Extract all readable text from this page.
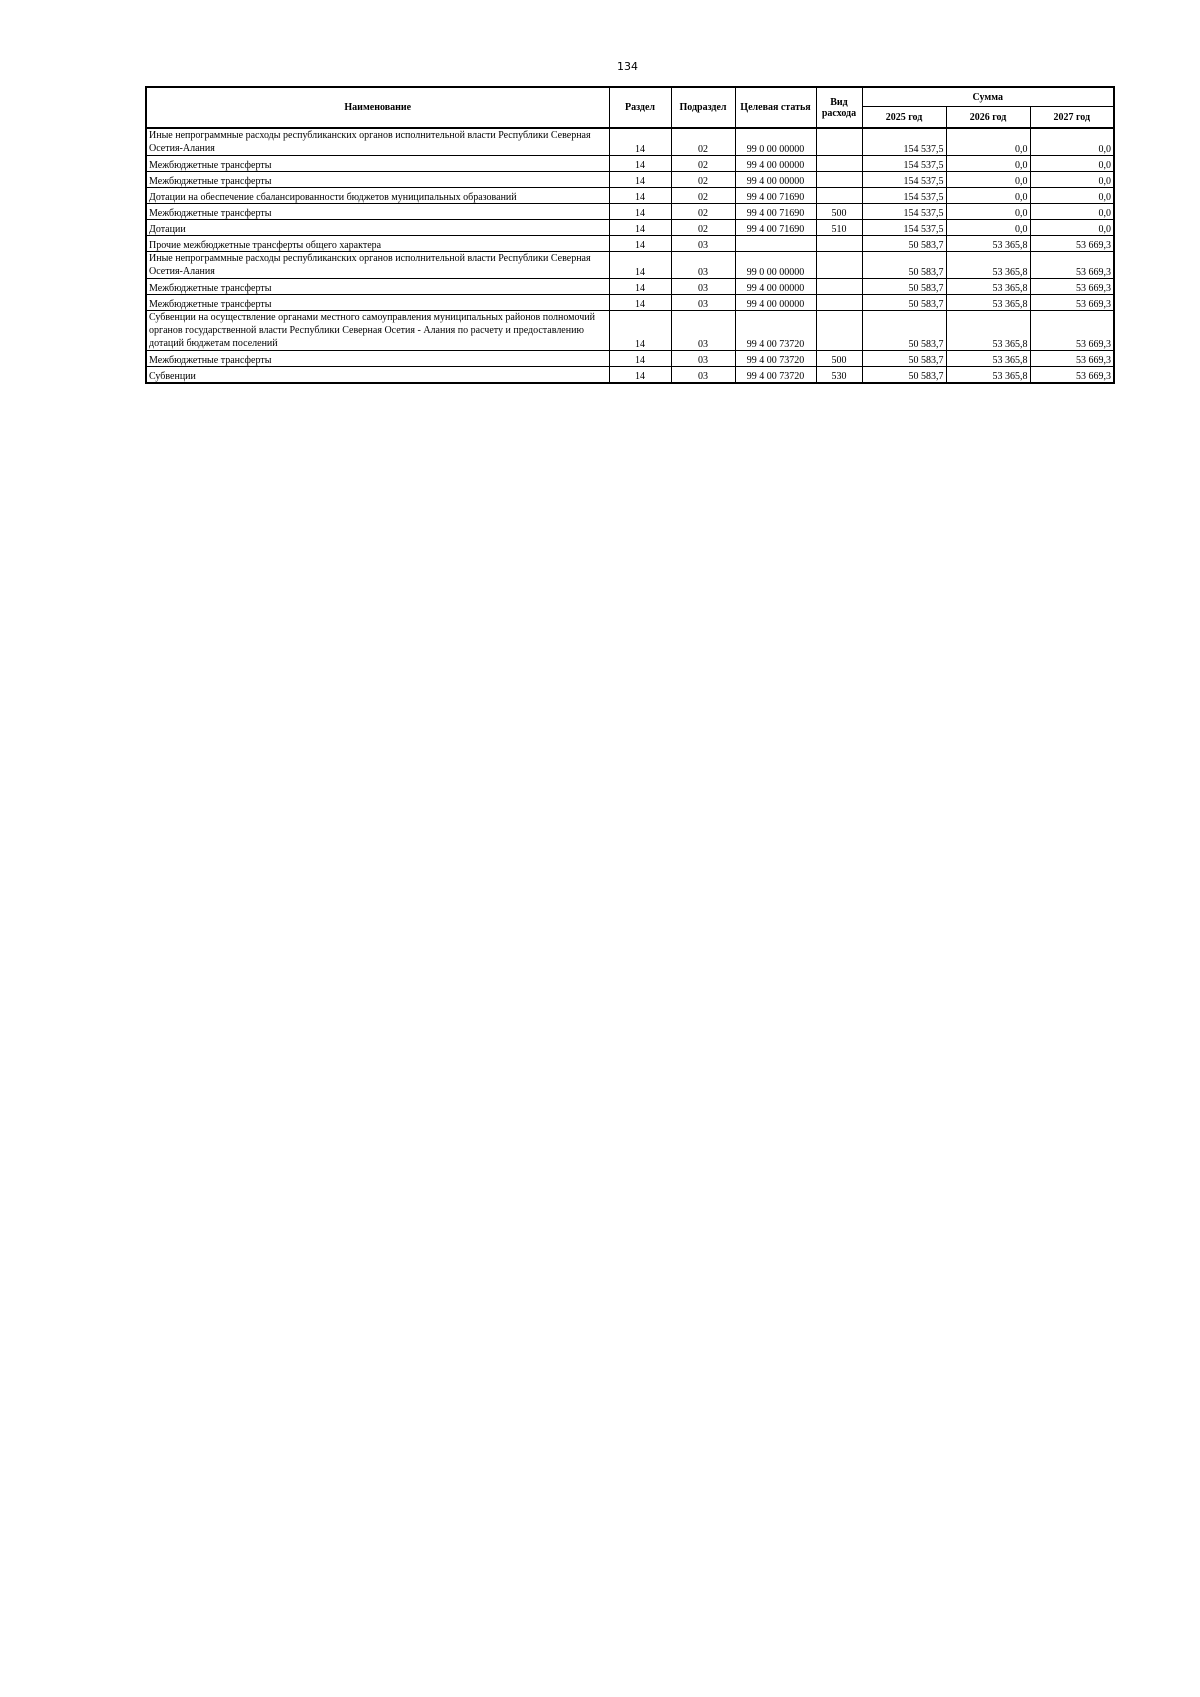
134
Наименование	Раздел	Подраздел	Целевая статья	Вид расхода	Сумма		
					2025 год	2026 год	2027 год
Иные непрограммные расходы республиканских органов исполнительной власти Республики Северная Осетия-Алания	14	02	99 0 00 00000		154 537,5	0,0	0,0
Межбюджетные трансферты	14	02	99 4 00 00000		154 537,5	0,0	0,0
Межбюджетные трансферты	14	02	99 4 00 00000		154 537,5	0,0	0,0
Дотации на обеспечение сбалансированности бюджетов муниципальных образований	14	02	99 4 00 71690		154 537,5	0,0	0,0
Межбюджетные трансферты	14	02	99 4 00 71690	500	154 537,5	0,0	0,0
Дотации	14	02	99 4 00 71690	510	154 537,5	0,0	0,0
Прочие межбюджетные трансферты общего характера	14	03			50 583,7	53 365,8	53 669,3
Иные непрограммные расходы республиканских органов исполнительной власти Республики Северная Осетия-Алания	14	03	99 0 00 00000		50 583,7	53 365,8	53 669,3
Межбюджетные трансферты	14	03	99 4 00 00000		50 583,7	53 365,8	53 669,3
Межбюджетные трансферты	14	03	99 4 00 00000		50 583,7	53 365,8	53 669,3
Субвенции на осуществление органами местного самоуправления муниципальных районов полномочий органов государственной власти Республики Северная Осетия - Алания по расчету и предоставлению дотаций бюджетам поселений	14	03	99 4 00 73720		50 583,7	53 365,8	53 669,3
Межбюджетные трансферты	14	03	99 4 00 73720	500	50 583,7	53 365,8	53 669,3
Субвенции	14	03	99 4 00 73720	530	50 583,7	53 365,8	53 669,3
